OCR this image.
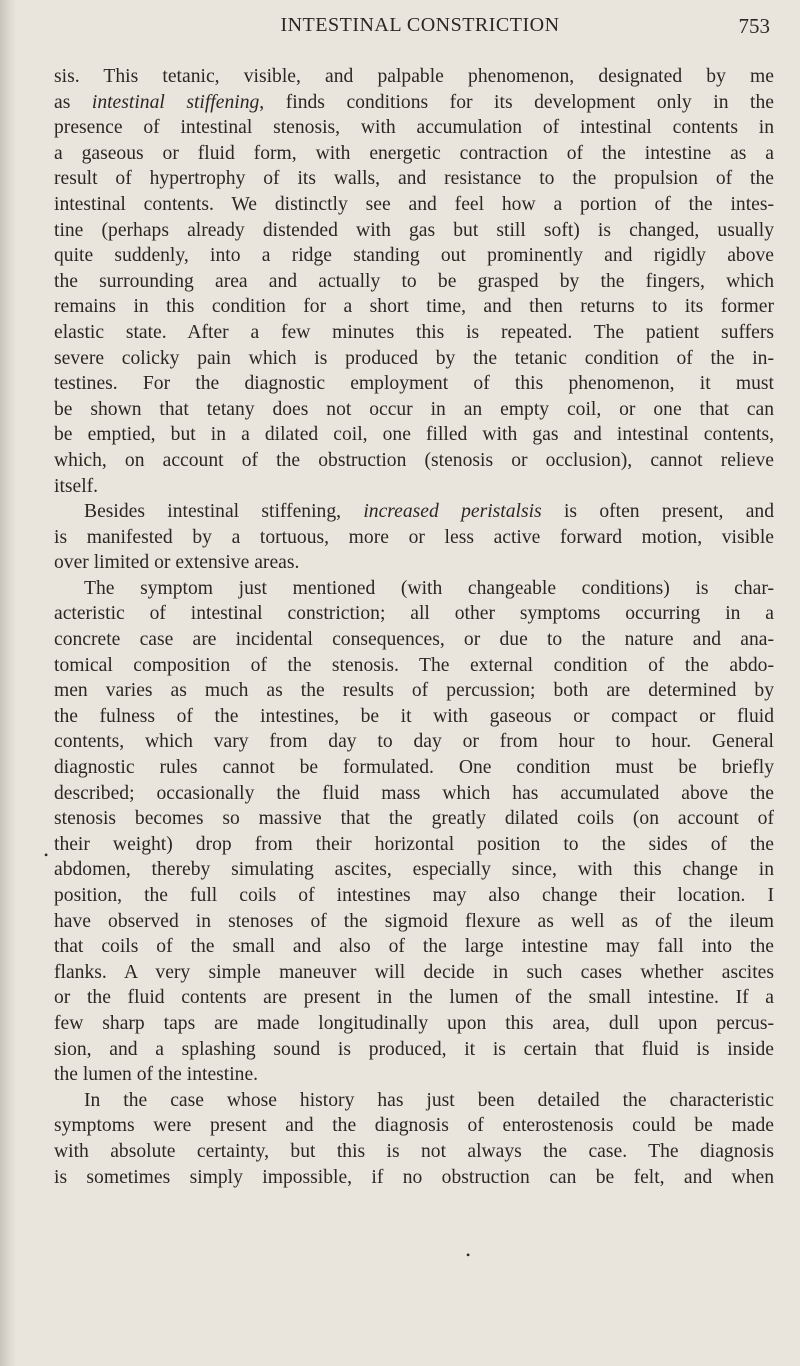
INTESTINAL CONSTRICTION	753
sis. This tetanic, visible, and palpable phenomenon, designated by me
as intestinal stiffening, finds conditions for its development only in the
presence of intestinal stenosis, with accumulation of intestinal contents in
a gaseous or fluid form, with energetic contraction of the intestine as a
result of hypertrophy of its walls, and resistance to the propulsion of the
intestinal contents. We distinctly see and feel how a portion of the intes-
tine (perhaps already distended with gas but still soft) is changed, usually
quite suddenly, into a ridge standing out prominently and rigidly above
the surrounding area and actually to be grasped by the fingers, which
remains in this condition for a short time, and then returns to its former
elastic state. After a few minutes this is repeated. The patient suffers
severe colicky pain which is produced by the tetanic condition of the in-
testines. For the diagnostic employment of this phenomenon, it must
be shown that tetany does not occur in an empty coil, or one that can
be emptied, but in a dilated coil, one filled with gas and intestinal contents,
which, on account of the obstruction (stenosis or occlusion), cannot relieve
itself.
Besides intestinal stiffening, increased peristalsis is often present, and
is manifested by a tortuous, more or less active forward motion, visible
over limited or extensive areas.
The symptom just mentioned (with changeable conditions) is char-
acteristic of intestinal constriction; all other symptoms occurring in a
concrete case are incidental consequences, or due to the nature and ana-
tomical composition of the stenosis. The external condition of the abdo-
men varies as much as the results of percussion; both are determined by
the fulness of the intestines, be it with gaseous or compact or fluid
contents, which vary from day to day or from hour to hour. General
diagnostic rules cannot be formulated. One condition must be briefly
described; occasionally the fluid mass which has accumulated above the
stenosis becomes so massive that the greatly dilated coils (on account of
their weight) drop from their horizontal position to the sides of the
abdomen, thereby simulating ascites, especially since, with this change in
position, the full coils of intestines may also change their location. I
have observed in stenoses of the sigmoid flexure as well as of the ileum
that coils of the small and also of the large intestine may fall into the
flanks. A very simple maneuver will decide in such cases whether ascites
or the fluid contents are present in the lumen of the small intestine. If a
few sharp taps are made longitudinally upon this area, dull upon percus-
sion, and a splashing sound is produced, it is certain that fluid is inside
the lumen of the intestine.
In the case whose history has just been detailed the characteristic
symptoms were present and the diagnosis of enterostenosis could be made
with absolute certainty, but this is not always the case. The diagnosis
is sometimes simply impossible, if no obstruction can be felt, and when
•
•
